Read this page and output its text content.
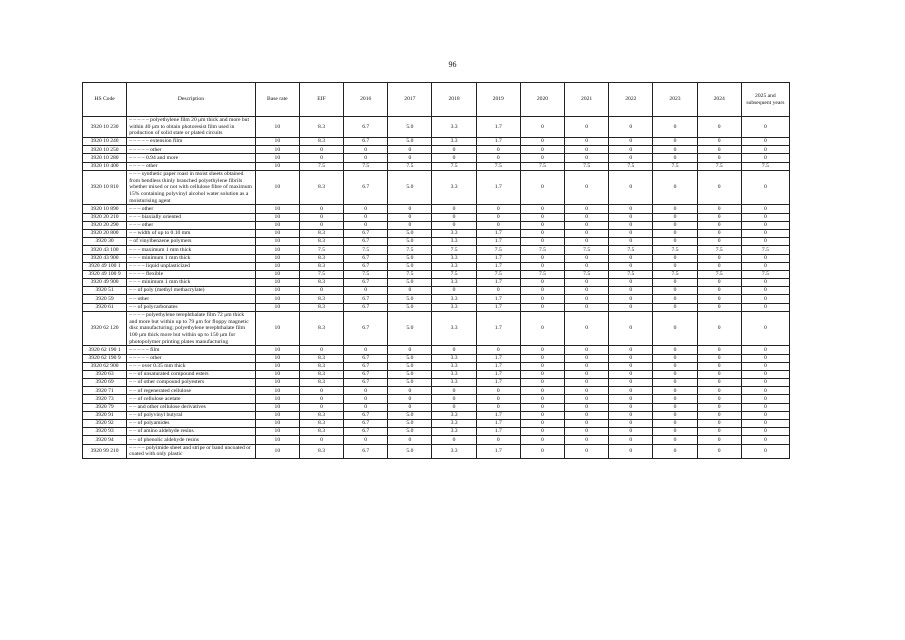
96
HS Code	Description	Base rate	EIF	2016	2017	2018	2019	2020	2021	2022	2023	2024	2025 and subsequent years
3920 10 230	– – – – – polyethylene film 20 μm thick and more but within 40 μm to obtain photoresist film used in production of solid state or plated circuits	10	8.3	6.7	5.0	3.3	1.7	0	0	0	0	0	0
3920 10 240	– – – – – extension film	10	8.3	6.7	5.0	3.3	1.7	0	0	0	0	0	0
3920 10 250	– – – – – other	10	0	0	0	0	0	0	0	0	0	0	0
3920 10 280	– – – – 0.94 and more	10	0	0	0	0	0	0	0	0	0	0	0
3920 10 400	– – – – other	10	7.5	7.5	7.5	7.5	7.5	7.5	7.5	7.5	7.5	7.5	7.5
3920 10 810	– – – synthetic paper roast in moist sheets obtained from bendless thinly branched polyethylene fibrils whether mixed or not with cellulose fibre of maximum 15% containing polyvinyl alcohol water solution as a moisturising agent	10	8.3	6.7	5.0	3.3	1.7	0	0	0	0	0	0
3920 10 890	– – – other	10	0	0	0	0	0	0	0	0	0	0	0
3920 20 210	– – – biaxially oriented	10	0	0	0	0	0	0	0	0	0	0	0
3920 20 290	– – – other	10	0	0	0	0	0	0	0	0	0	0	0
3920 20 800	– – width of up to 0.10 mm	10	8.3	6.7	5.0	3.3	1.7	0	0	0	0	0	0
3920 30	– of vinylbenzene polymers	10	8.3	6.7	5.0	3.3	1.7	0	0	0	0	0	0
3920 43 100	– – – maximum 1 mm thick	10	7.5	7.5	7.5	7.5	7.5	7.5	7.5	7.5	7.5	7.5	7.5
3920 43 900	– – – minimum 1 mm thick	10	8.3	6.7	5.0	3.3	1.7	0	0	0	0	0	0
3920 49 100 1	– – – – liquid unplasticized	10	8.3	6.7	5.0	3.3	1.7	0	0	0	0	0	0
3920 49 100 9	– – – – flexible	10	7.5	7.5	7.5	7.5	7.5	7.5	7.5	7.5	7.5	7.5	7.5
3920 49 900	– – – minimum 1 mm thick	10	8.3	6.7	5.0	3.3	1.7	0	0	0	0	0	0
3920 51	– – of poly (methyl methacrylate)	10	0	0	0	0	0	0	0	0	0	0	0
3920 59	– – other	10	8.3	6.7	5.0	3.3	1.7	0	0	0	0	0	0
3920 61	– – of polycarbonates	10	8.3	6.7	5.0	3.3	1.7	0	0	0	0	0	0
3920 62 120	– – – – polyethylene terephthalate film 72 μm thick and more but within up to 79 μm for floppy magnetic disc manufacturing; polyethylene terephthalate film 100 μm thick more but within up to 150 μm for photopolymer printing plates manufacturing	10	8.3	6.7	5.0	3.3	1.7	0	0	0	0	0	0
3920 62 190 1	– – – – – film	10	0	0	0	0	0	0	0	0	0	0	0
3920 62 190 9	– – – – – other	10	8.3	6.7	5.0	3.3	1.7	0	0	0	0	0	0
3920 62 900	– – – over 0.35 mm thick	10	8.3	6.7	5.0	3.3	1.7	0	0	0	0	0	0
3920 63	– – of unsaturated compound esters	10	8.3	6.7	5.0	3.3	1.7	0	0	0	0	0	0
3920 69	– – of other compound polyesters	10	8.3	6.7	5.0	3.3	1.7	0	0	0	0	0	0
3920 71	– – of regenerated cellulose	10	0	0	0	0	0	0	0	0	0	0	0
3920 73	– – of cellulose acetate	10	0	0	0	0	0	0	0	0	0	0	0
3920 79	– – and other cellulose derivatives	10	0	0	0	0	0	0	0	0	0	0	0
3920 91	– – of polyvinyl butyral	10	8.3	6.7	5.0	3.3	1.7	0	0	0	0	0	0
3920 92	– – of polyamides	10	8.3	6.7	5.0	3.3	1.7	0	0	0	0	0	0
3920 93	– – of amino aldehyde resins	10	8.3	6.7	5.0	3.3	1.7	0	0	0	0	0	0
3920 94	– – of phenolic aldehyde resins	10	0	0	0	0	0	0	0	0	0	0	0
3920 99 210	– – – – polyimide sheet and stripe or band uncoated or coated with only plastic	10	8.3	6.7	5.0	3.3	1.7	0	0	0	0	0	0
